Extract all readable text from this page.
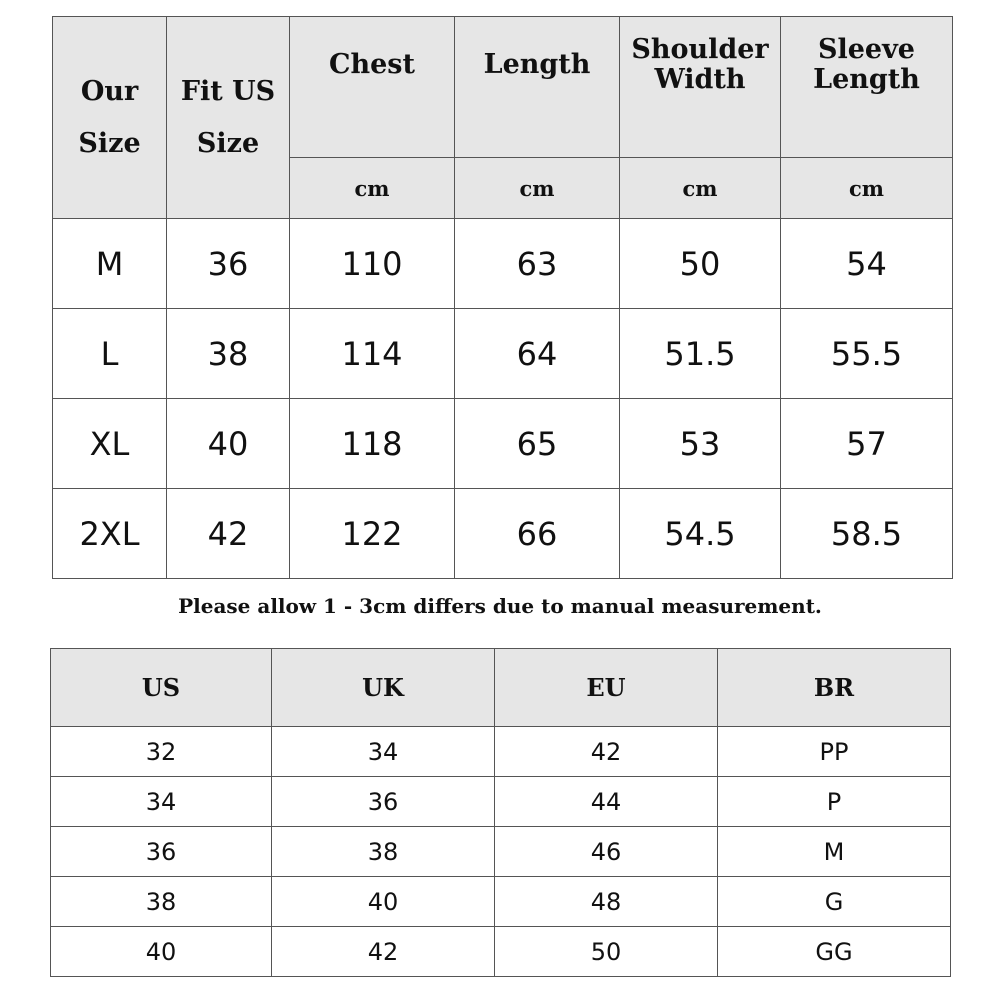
Our Size	Fit US Size	Chest	Length	Shoulder Width	Sleeve Length

		cm	cm	cm	cm
M	36	110	63	50	54
L	38	114	64	51.5	55.5
XL	40	118	65	53	57
2XL	42	122	66	54.5	58.5
Please allow 1 - 3cm differs due to manual measurement.
US	UK	EU	BR
32	34	42	PP
34	36	44	P
36	38	46	M
38	40	48	G
40	42	50	GG
